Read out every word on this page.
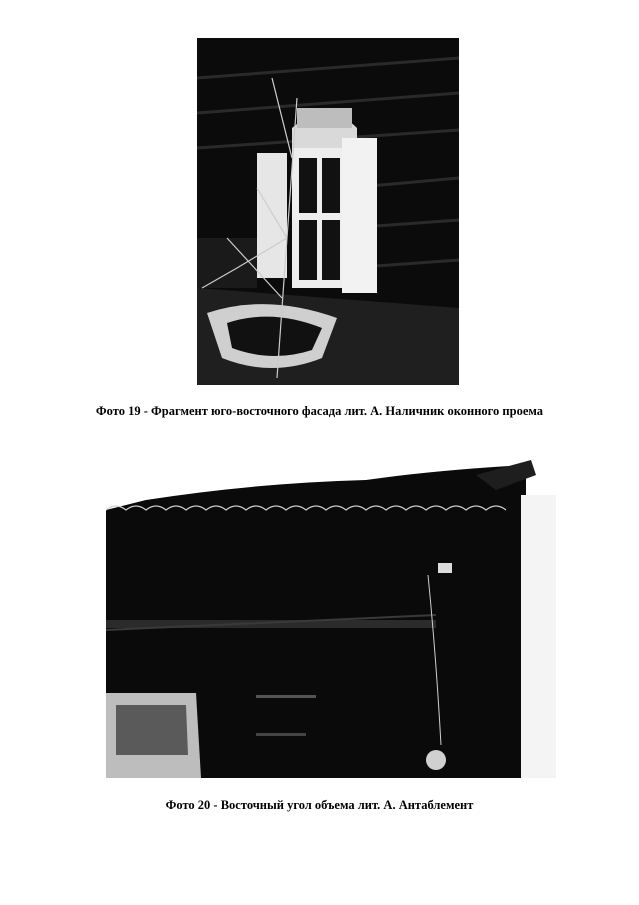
Фото 19 - Фрагмент юго-восточного фасада лит. А. Наличник оконного проема
Фото 20 - Восточный угол объема лит. А. Антаблемент
